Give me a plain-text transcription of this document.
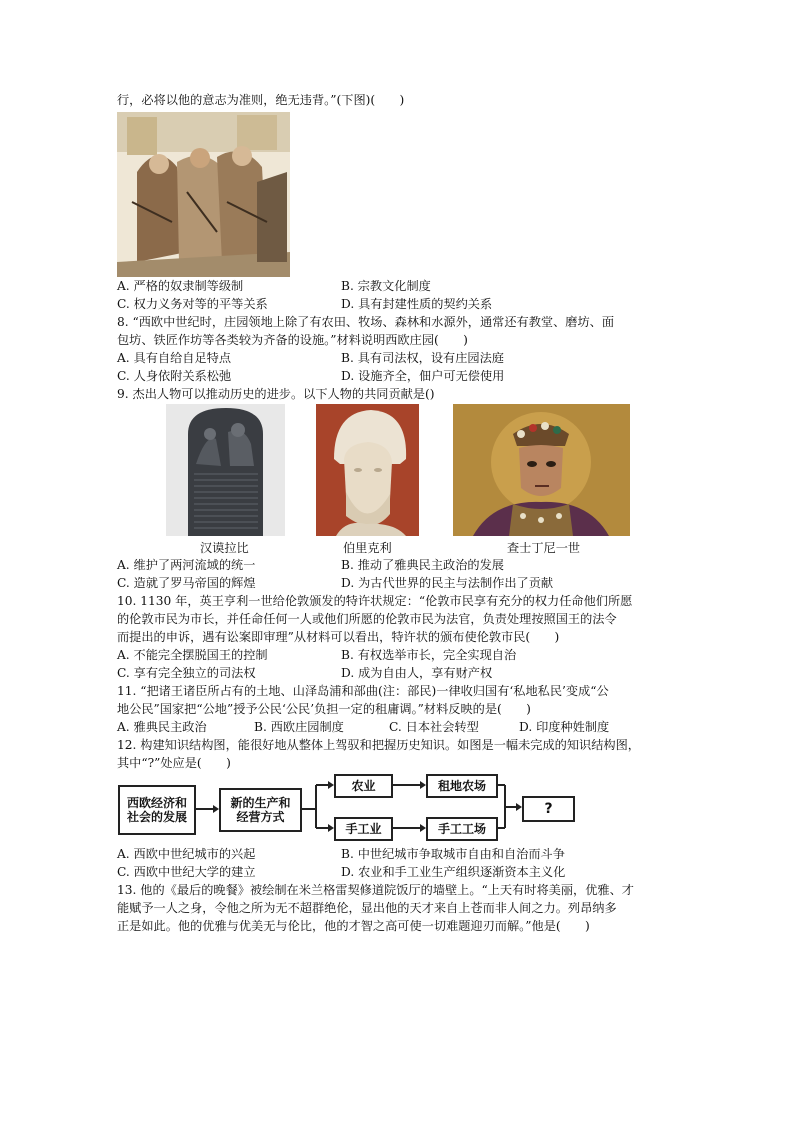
行，必将以他的意志为准则，绝无违背。”(下图)(　　)
A. 严格的奴隶制等级制	B. 宗教文化制度
C. 权力义务对等的平等关系	D. 具有封建性质的契约关系
8. “西欧中世纪时，庄园领地上除了有农田、牧场、森林和水源外，通常还有教堂、磨坊、面
包坊、铁匠作坊等各类较为齐备的设施。”材料说明西欧庄园(　　)
A. 具有自给自足特点	B. 具有司法权，设有庄园法庭
C. 人身依附关系松弛	D. 设施齐全，佃户可无偿使用
9. 杰出人物可以推动历史的进步。以下人物的共同贡献是()
汉谟拉比	伯里克利	查士丁尼一世
A. 维护了两河流域的统一	B. 推动了雅典民主政治的发展
C. 造就了罗马帝国的辉煌	D. 为古代世界的民主与法制作出了贡献
10. 1130 年，英王亨利一世给伦敦颁发的特许状规定：“伦敦市民享有充分的权力任命他们所愿
的伦敦市民为市长，并任命任何一人或他们所愿的伦敦市民为法官，负责处理按照国王的法令
而提出的申诉，遇有讼案即审理”从材料可以看出，特许状的颁布使伦敦市民(　　)
A. 不能完全摆脱国王的控制	B. 有权选举市长，完全实现自治
C. 享有完全独立的司法权	D. 成为自由人，享有财产权
11. “把诸王诸臣所占有的土地、山泽岛浦和部曲(注：部民)一律收归国有‘私地私民’变成“公
地公民”国家把“公地”授予公民‘公民’负担一定的租庸调。”材料反映的是(　　)
A. 雅典民主政治	B. 西欧庄园制度	C. 日本社会转型	D. 印度种姓制度
12. 构建知识结构图，能很好地从整体上驾驭和把握历史知识。如图是一幅未完成的知识结构图，
其中“?”处应是(　　)
西欧经济和社会的发展
新的生产和经营方式
农业	租地农场
手工业	手工工场
?
A. 西欧中世纪城市的兴起	B. 中世纪城市争取城市自由和自治而斗争
C. 西欧中世纪大学的建立	D. 农业和手工业生产组织逐渐资本主义化
13. 他的《最后的晚餐》被绘制在米兰格雷契修道院饭厅的墙壁上。“上天有时将美丽，优雅、才
能赋予一人之身，令他之所为无不超群绝伦，显出他的天才来自上苍而非人间之力。列昂纳多
正是如此。他的优雅与优美无与伦比，他的才智之高可使一切难题迎刃而解。”他是(　　)
